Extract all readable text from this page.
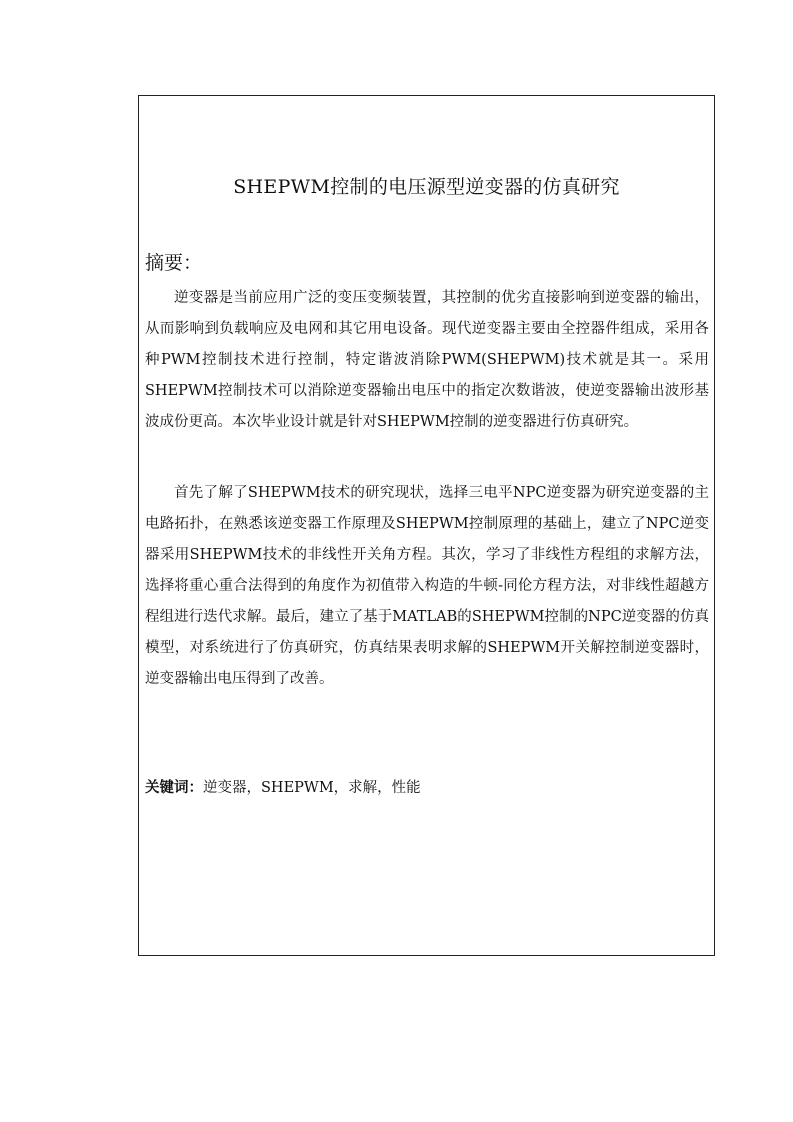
SHEPWM控制的电压源型逆变器的仿真研究
摘要：

逆变器是当前应用广泛的变压变频装置，其控制的优劣直接影响到逆变器的输出，从而影响到负载响应及电网和其它用电设备。现代逆变器主要由全控器件组成，采用各种PWM控制技术进行控制，特定谐波消除PWM(SHEPWM)技术就是其一。采用SHEPWM控制技术可以消除逆变器输出电压中的指定次数谐波，使逆变器输出波形基波成份更高。本次毕业设计就是针对SHEPWM控制的逆变器进行仿真研究。

首先了解了SHEPWM技术的研究现状，选择三电平NPC逆变器为研究逆变器的主电路拓扑，在熟悉该逆变器工作原理及SHEPWM控制原理的基础上，建立了NPC逆变器采用SHEPWM技术的非线性开关角方程。其次，学习了非线性方程组的求解方法，选择将重心重合法得到的角度作为初值带入构造的牛顿-同伦方程方法，对非线性超越方程组进行迭代求解。最后，建立了基于MATLAB的SHEPWM控制的NPC逆变器的仿真模型，对系统进行了仿真研究，仿真结果表明求解的SHEPWM开关解控制逆变器时，逆变器输出电压得到了改善。

关键词：逆变器，SHEPWM，求解，性能
